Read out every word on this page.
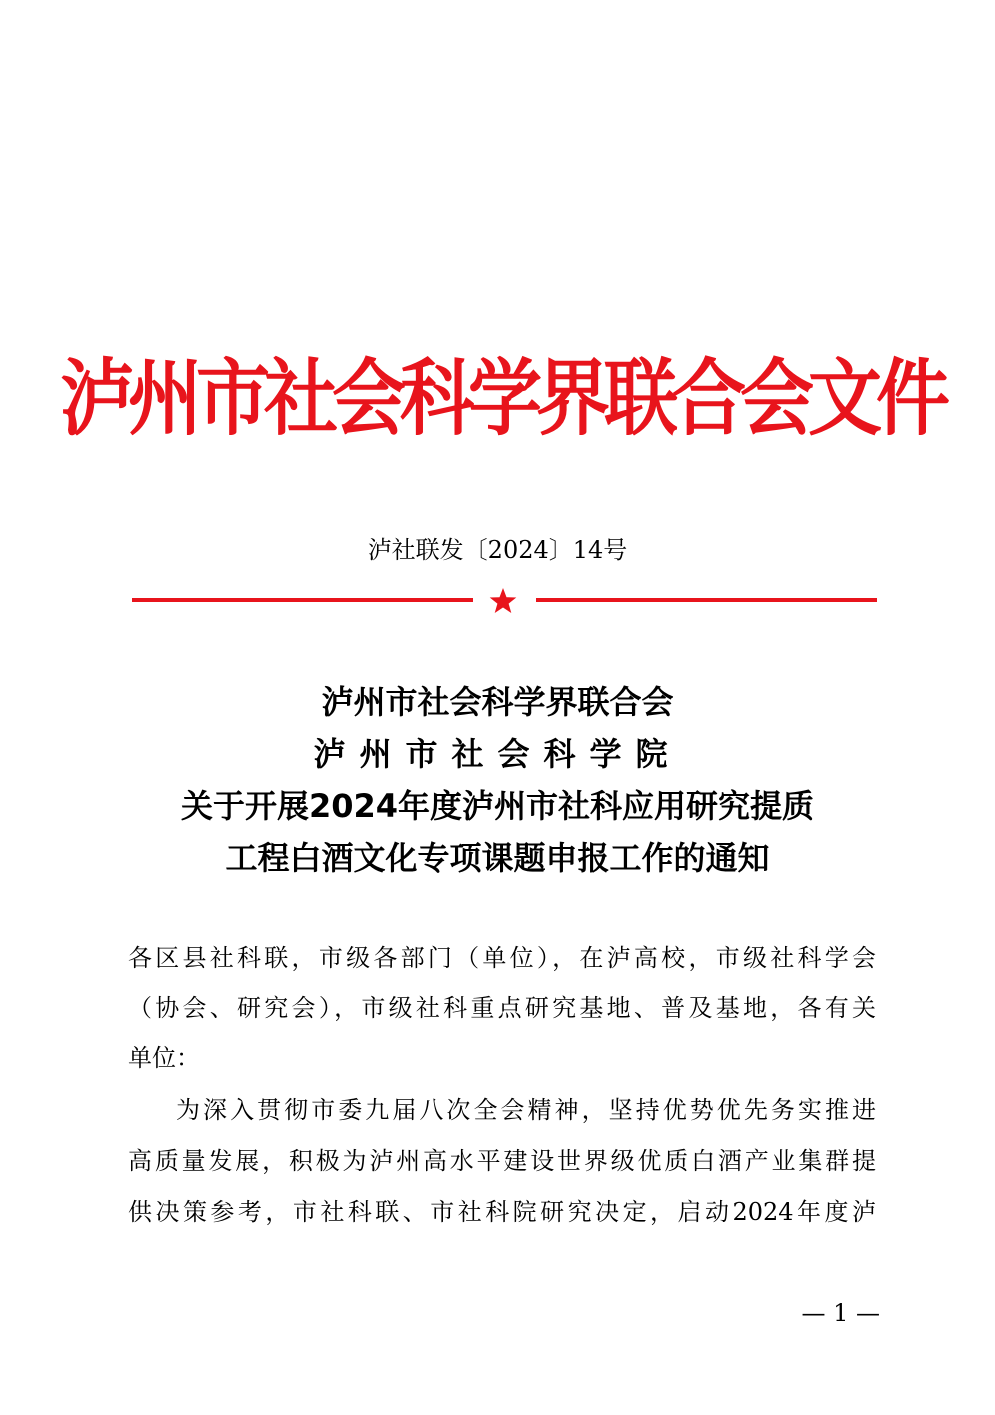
泸州市社会科学界联合会文件
泸社联发〔2024〕14号
泸州市社会科学界联合会
泸州市社会科学院
关于开展2024年度泸州市社科应用研究提质
工程白酒文化专项课题申报工作的通知
各区县社科联，市级各部门（单位），在泸高校，市级社科学会
（协会、研究会），市级社科重点研究基地、普及基地，各有关
单位：
为深入贯彻市委九届八次全会精神，坚持优势优先务实推进
高质量发展，积极为泸州高水平建设世界级优质白酒产业集群提
供决策参考，市社科联、市社科院研究决定，启动2024年度泸
— 1 —
